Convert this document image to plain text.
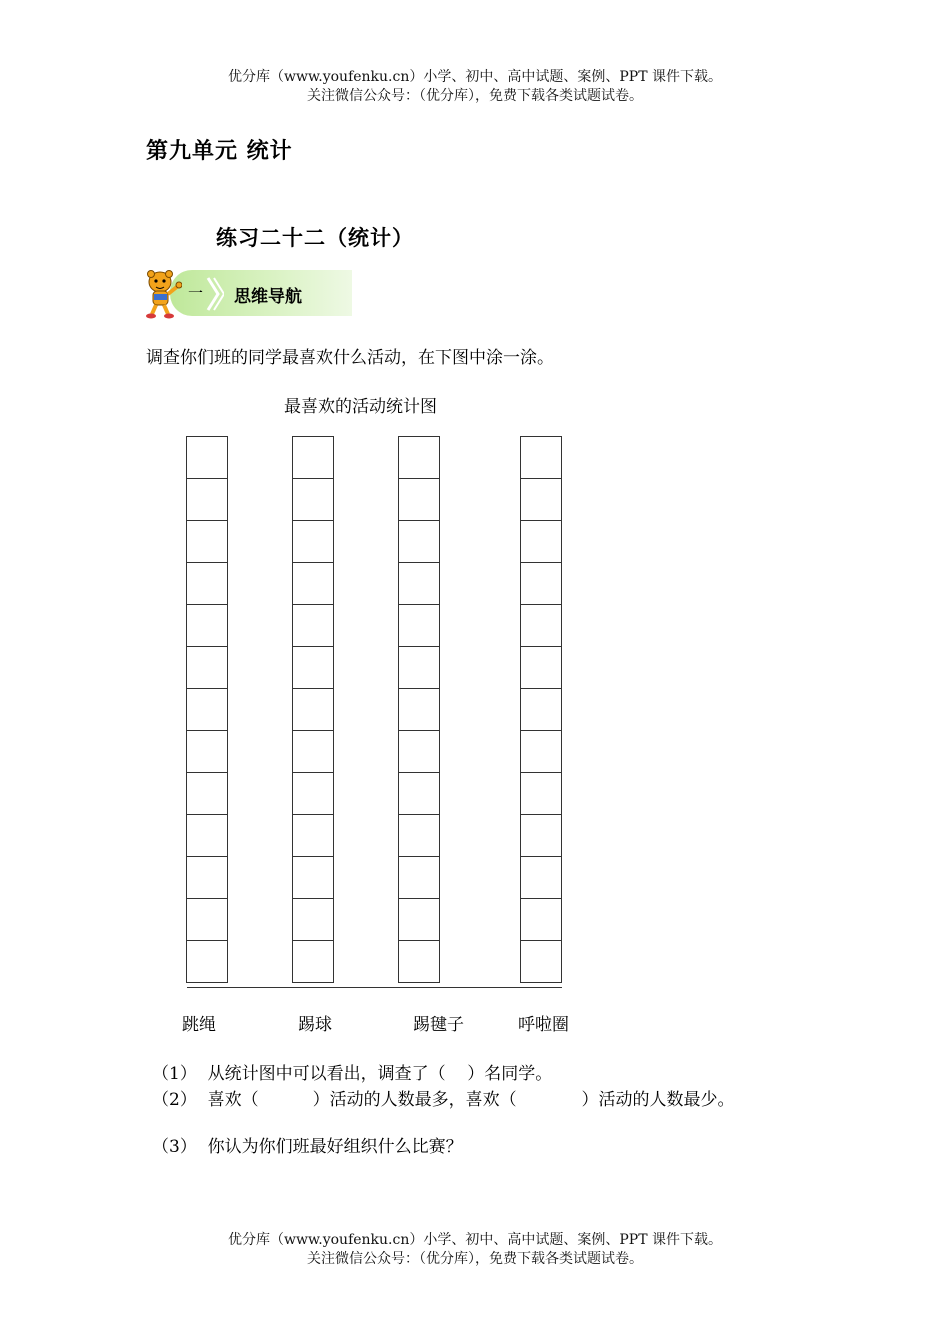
优分库（www.youfenku.cn）小学、初中、高中试题、案例、PPT 课件下载。
关注微信公众号：（优分库），免费下载各类试题试卷。
第九单元 统计
练习二十二（统计）
一 思维导航
调查你们班的同学最喜欢什么活动，在下图中涂一涂。
最喜欢的活动统计图
跳绳	踢球	踢毽子	呼啦圈
（1）  从统计图中可以看出，调查了（    ）名同学。
（2）  喜欢（          ）活动的人数最多，喜欢（            ）活动的人数最少。
（3）  你认为你们班最好组织什么比赛？
优分库（www.youfenku.cn）小学、初中、高中试题、案例、PPT 课件下载。
关注微信公众号：（优分库），免费下载各类试题试卷。
